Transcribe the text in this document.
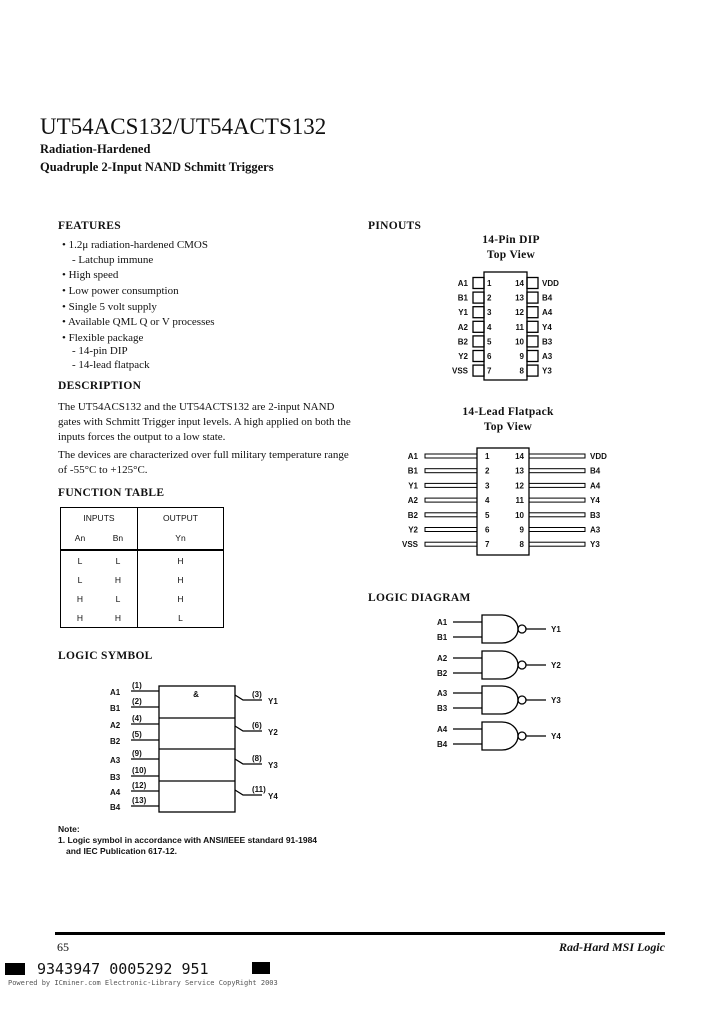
UT54ACS132/UT54ACTS132
Radiation-Hardened
Quadruple 2-Input NAND Schmitt Triggers
FEATURES
• 1.2μ radiation-hardened CMOS
- Latchup immune
• High speed
• Low power consumption
• Single 5 volt supply
• Available QML Q or V processes
• Flexible package
- 14-pin DIP
- 14-lead flatpack
DESCRIPTION
The UT54ACS132 and the UT54ACTS132 are 2-input NAND gates with Schmitt Trigger input levels. A high applied on both the inputs forces the output to a low state.
The devices are characterized over full military temperature range of -55°C to +125°C.
FUNCTION TABLE
INPUTS		OUTPUT
An	Bn	Yn
L	L	H
L	H	H
H	L	H
H	H	L
LOGIC SYMBOL
&
A1
(1)
B1
(2)
A2
(4)
B2
(5)
A3
(9)
B3
(10)
A4
(12)
B4
(13)
(3)
Y1
(6)
Y2
(8)
Y3
(11)
Y4
A1 1	14 VDD
B1 2	13 B4
Y1 3	12 A4
A2 4	11 Y4
B2 5	10 B3
Y2 6	9 A3
VSS 7	8 Y3
A1	1	14	VDD
B1	2	13	B4
Y1	3	12	A4
A2	4	11	Y4
B2	5	10	B3
Y2	6	9	A3
VSS	7	8	Y3
A1
B1
Y1
A2
B2
Y2
A3
B3
Y3
A4
B4
Y4
Note:
1. Logic symbol in accordance with ANSI/IEEE standard 91-1984
and IEC Publication 617-12.
PINOUTS
14-Pin DIP
Top View
14-Lead Flatpack
Top View
LOGIC DIAGRAM
65	Rad-Hard MSI Logic
9343947 0005292 951
Powered by ICminer.com Electronic-Library Service CopyRight 2003
